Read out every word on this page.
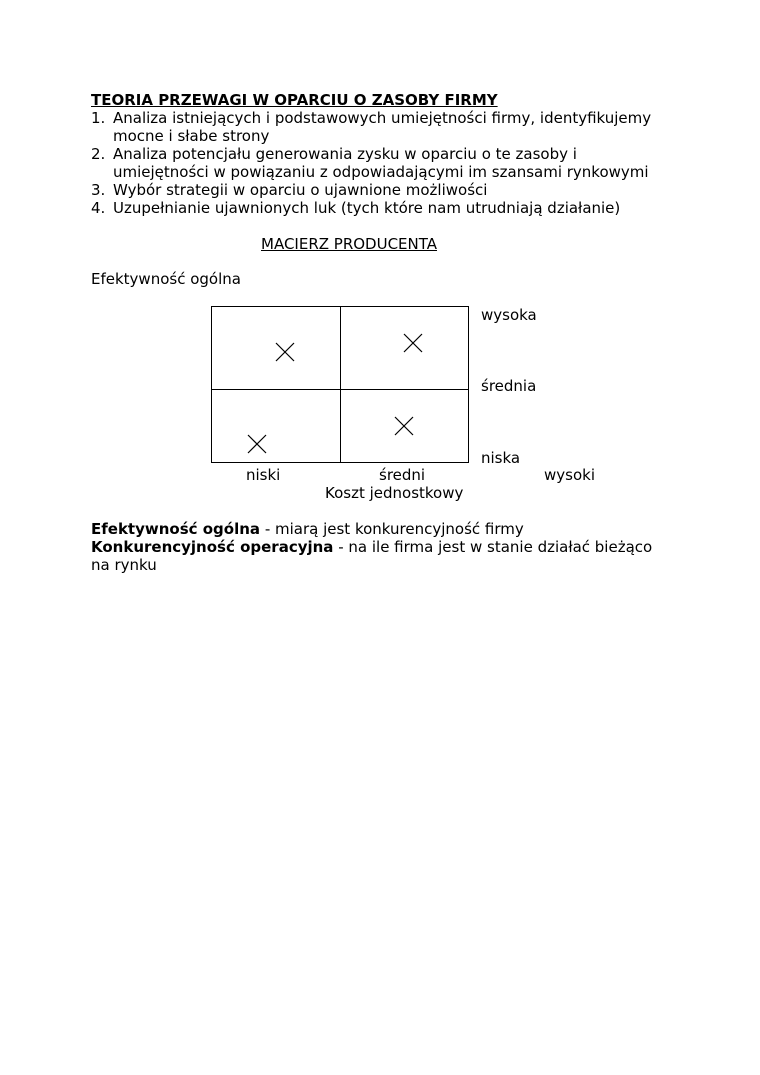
TEORIA PRZEWAGI W OPARCIU O ZASOBY FIRMY
1. Analiza istniejących i podstawowych umiejętności firmy, identyfikujemy
mocne i słabe strony
2. Analiza potencjału generowania zysku w oparciu o te zasoby i
umiejętności w powiązaniu z odpowiadającymi im szansami rynkowymi
3. Wybór strategii w oparciu o ujawnione możliwości
4. Uzupełnianie ujawnionych luk (tych które nam utrudniają działanie)
MACIERZ PRODUCENTA
Efektywność ogólna
wysoka
średnia
niska
niski	średni	wysoki
Koszt jednostkowy
Efektywność ogólna - miarą jest konkurencyjność firmy
Konkurencyjność operacyjna - na ile firma jest w stanie działać bieżąco
na rynku
